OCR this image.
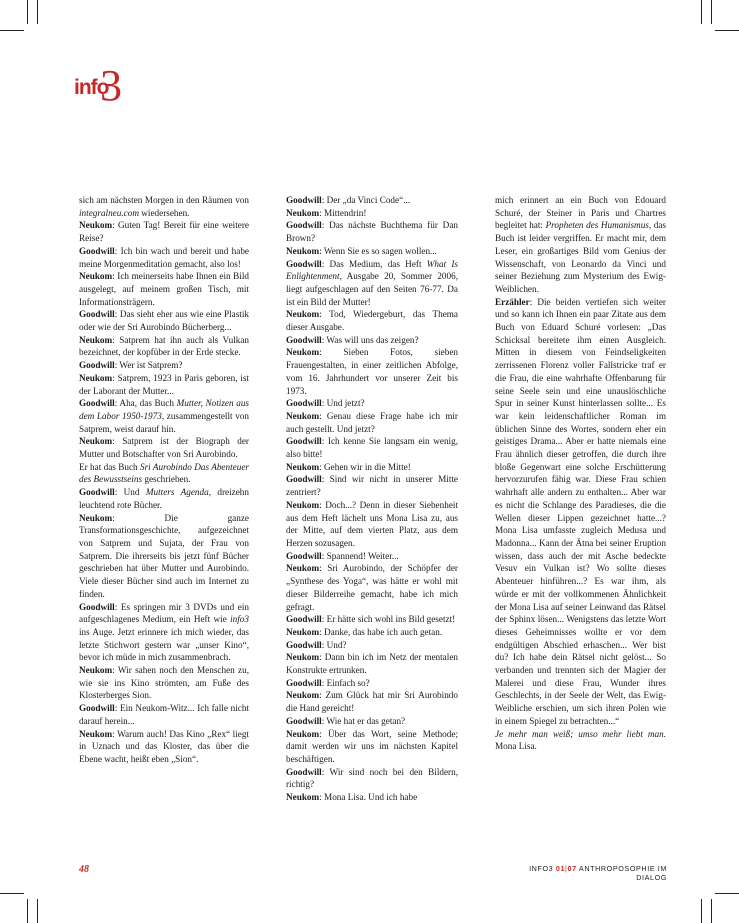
info
3

sich am nächsten Morgen in den Räumen von integralneu.com wiedersehen.
Neukom: Guten Tag! Bereit für eine weitere Reise?
Goodwill: Ich bin wach und bereit und habe meine Morgenmeditation gemacht, also los!
Neukom: Ich meinerseits habe Ihnen ein Bild ausgelegt, auf meinem großen Tisch, mit Informationsträgern.
Goodwill: Das sieht eher aus wie eine Plastik oder wie der Sri Aurobindo Bücherberg...
Neukom: Satprem hat ihn auch als Vulkan bezeichnet, der kopfüber in der Erde stecke.
Goodwill: Wer ist Satprem?
Neukom: Satprem, 1923 in Paris geboren, ist der Laborant der Mutter...
Goodwill: Aha, das Buch Mutter, Notizen aus dem Labor 1950-1973, zusammengestellt von Satprem, weist darauf hin.
Neukom: Satprem ist der Biograph der Mutter und Botschafter von Sri Aurobindo.
Er hat das Buch Sri Aurobindo Das Abenteuer des Bewusstseins geschrieben.
Goodwill: Und Mutters Agenda, dreizehn leuchtend rote Bücher.
Neukom: Die ganze Transformationsgeschichte, aufgezeichnet von Satprem und Sujata, der Frau von Satprem. Die ihrerseits bis jetzt fünf Bücher geschrieben hat über Mutter und Aurobindo. Viele dieser Bücher sind auch im Internet zu finden.
Goodwill: Es springen mir 3 DVDs und ein aufgeschlagenes Medium, ein Heft wie info3 ins Auge. Jetzt erinnere ich mich wieder, das letzte Stichwort gestern war „unser Kino“, bevor ich müde in mich zusammenbrach.
Neukom: Wir sahen noch den Menschen zu, wie sie ins Kino strömten, am Fuße des Klosterberges Sion.
Goodwill: Ein Neukom-Witz... Ich falle nicht darauf herein...
Neukom: Warum auch! Das Kino „Rex“ liegt in Uznach und das Kloster, das über die Ebene wacht, heißt eben „Sion“.

Goodwill: Der „da Vinci Code“...
Neukom: Mittendrin!
Goodwill: Das nächste Buchthema für Dan Brown?
Neukom: Wenn Sie es so sagen wollen...
Goodwill: Das Medium, das Heft What Is Enlightenment, Ausgabe 20, Sommer 2006, liegt aufgeschlagen auf den Seiten 76-77. Da ist ein Bild der Mutter!
Neukom: Tod, Wiedergeburt, das Thema dieser Ausgabe.
Goodwill: Was will uns das zeigen?
Neukom: Sieben Fotos, sieben Frauengestalten, in einer zeitlichen Abfolge, vom 16. Jahrhundert vor unserer Zeit bis 1973.
Goodwill: Und jetzt?
Neukom: Genau diese Frage habe ich mir auch gestellt. Und jetzt?
Goodwill: Ich kenne Sie langsam ein wenig, also bitte!
Neukom: Gehen wir in die Mitte!
Goodwill: Sind wir nicht in unserer Mitte zentriert?
Neukom: Doch...? Denn in dieser Siebenheit aus dem Heft lächelt uns Mona Lisa zu, aus der Mitte, auf dem vierten Platz, aus dem Herzen sozusagen.
Goodwill: Spannend! Weiter...
Neukom: Sri Aurobindo, der Schöpfer der „Synthese des Yoga“, was hätte er wohl mit dieser Bilderreihe gemacht, habe ich mich gefragt.
Goodwill: Er hätte sich wohl ins Bild gesetzt!
Neukom: Danke, das habe ich auch getan.
Goodwill: Und?
Neukom: Dann bin ich im Netz der mentalen Konstrukte ertrunken.
Goodwill: Einfach so?
Neukom: Zum Glück hat mir Sri Aurobindo die Hand gereicht!
Goodwill: Wie hat er das getan?
Neukom: Über das Wort, seine Methode; damit werden wir uns im nächsten Kapitel beschäftigen.
Goodwill: Wir sind noch bei den Bildern, richtig?
Neukom: Mona Lisa. Und ich habe

mich erinnert an ein Buch von Edouard Schuré, der Steiner in Paris und Chartres begleitet hat: Propheten des Humanismus, das Buch ist leider vergriffen. Er macht mir, dem Leser, ein großartiges Bild vom Genius der Wissenschaft, von Leonardo da Vinci und seiner Beziehung zum Mysterium des Ewig-Weiblichen.
Erzähler: Die beiden vertiefen sich weiter und so kann ich Ihnen ein paar Zitate aus dem Buch von Eduard Schuré vorlesen: „Das Schicksal bereitete ihm einen Ausgleich. Mitten in diesem von Feindseligkeiten zerrissenen Florenz voller Fallstricke traf er die Frau, die eine wahrhafte Offenbarung für seine Seele sein und eine unauslöschliche Spur in seiner Kunst hinterlassen sollte... Es war kein leidenschaftlicher Roman im üblichen Sinne des Wortes, sondern eher ein geistiges Drama... Aber er hatte niemals eine Frau ähnlich dieser getroffen, die durch ihre bloße Gegenwart eine solche Erschütterung hervorzurufen fähig war. Diese Frau schien wahrhaft alle andern zu enthalten... Aber war es nicht die Schlange des Paradieses, die die Wellen dieser Lippen gezeichnet hatte...? Mona Lisa umfasste zugleich Medusa und Madonna... Kann der Ätna bei seiner Eruption wissen, dass auch der mit Asche bedeckte Vesuv ein Vulkan ist? Wo sollte dieses Abenteuer hinführen...? Es war ihm, als würde er mit der vollkommenen Ähnlichkeit der Mona Lisa auf seiner Leinwand das Rätsel der Sphinx lösen... Wenigstens das letzte Wort dieses Geheimnisses wollte er vor dem endgültigen Abschied erhaschen... Wer bist du? Ich habe dein Rätsel nicht gelöst... So verbanden und trennten sich der Magier der Malerei und diese Frau, Wunder ihres Geschlechts, in der Seele der Welt, das Ewig-Weibliche erschien, um sich ihren Polen wie in einem Spiegel zu betrachten...“
Je mehr man weiß; umso mehr liebt man. Mona Lisa.

48	INFO3 01|07 ANTHROPOSOPHIE IM DIALOG
